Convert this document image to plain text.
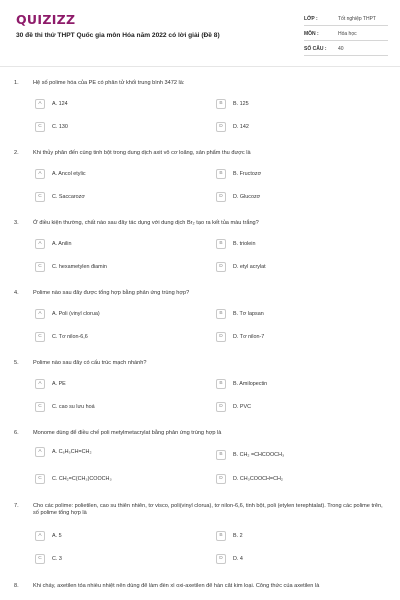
QUIZIZZ
30 đề thi thử THPT Quốc gia môn Hóa năm 2022 có lời giải (Đề 8)
LỚP :	Tốt nghiệp THPT
MÔN :	Hóa học
SỐ CÂU : 40
1.	Hệ số polime hóa của PE có phân tử khối trung bình 3472 là:
A	A. 124	B	B. 125
C	C. 130	D	D. 142
2.	Khi thủy phân đến cùng tinh bột trong dung dịch axit vô cơ loãng, sản phẩm thu được là
A	A. Ancol etylic	B	B. Fructozơ
C	C. Saccarozơ	D	D. Glucozơ
3.	Ở điều kiện thường, chất nào sau đây tác dụng với dung dịch Br₂ tạo ra kết tủa màu trắng?
A	A. Anilin	B	B. triolein
C	C. hexametylen điamin	D	D. etyl acrylat
4.	Polime nào sau đây được tổng hợp bằng phản ứng trùng hợp?
A	A. Poli (vinyl clorua)	B	B. Tơ lapsan
C	C. Tơ nilon-6,6	D	D. Tơ nilon-7
5.	Polime nào sau đây có cấu trúc mạch nhánh?
A	A. PE	B	B. Amilopectin
C	C. cao su lưu hoá	D	D. PVC
6.	Monome dùng để điều chế poli metylmetacrylat bằng phản ứng trùng hợp là
A	A. C₆H₅CH=CH₂	B	B. CH₂ =CHCOOCH₃
C	C. CH₂=C(CH₃)COOCH₃	D	D. CH₃COOCH=CH₂
7.	Cho các polime: polietilen, cao su thiên nhiên, tơ visco, poli(vinyl clorua), tơ nilon-6,6, tinh bột, poli (etylen terephtalat). Trong các polime trên, số polime tổng hợp là
A	A. 5	B	B. 2
C	C. 3	D	D. 4
8.	Khi cháy, axetilen tỏa nhiều nhiệt nên dùng để làm đèn xì oxi-axetilen để hàn cắt kim loại. Công thức của axetilen là
